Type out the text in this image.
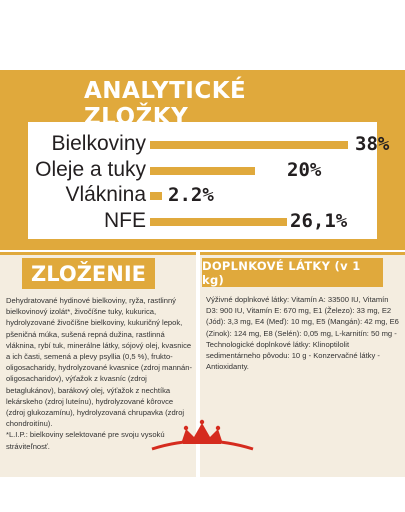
ANALYTICKÉ ZLOŽKY
Bielkoviny	38%
Oleje a tuky	20%
Vláknina 2.2%
NFE	26,1%
ZLOŽENIE	DOPLNKOVÉ LÁTKY (v 1 kg)

Dehydratované hydinové bielkoviny, ryža, rastlinný bielkovinový izolát*, živočíšne tuky, kukurica, hydrolyzované živočíšne bielkoviny, kukuričný lepok, pšeničná múka, sušená repná dužina, rastlinná vláknina, rybí tuk, minerálne látky, sójový olej, kvasnice a ich časti, semená a plevy psyllia (0,5 %), frukto-oligosacharidy, hydrolyzované kvasnice (zdroj mannán-oligosacharidov), výťažok z kvasníc (zdroj betaglukánov), barákový olej, výťažok z nechtíka lekárskeho (zdroj luteínu), hydrolyzované kôrovce (zdroj glukozamínu), hydrolyzovaná chrupavka (zdroj chondroitínu).

*L.I.P.: bielkoviny selektované pre svoju vysokú stráviteľnosť.

Výživné doplnkové látky: Vitamín A: 33500 IU, Vitamín D3: 900 IU, Vitamín E: 670 mg, E1 (Železo): 33 mg, E2 (Jód): 3,3 mg, E4 (Meď): 10 mg, E5 (Mangán): 42 mg, E6 (Zinok): 124 mg, E8 (Selén): 0,05 mg, L-karnitín: 50 mg - Technologické doplnkové látky: Klinoptilolit sedimentárneho pôvodu: 10 g - Konzervačné látky - Antioxidanty.
